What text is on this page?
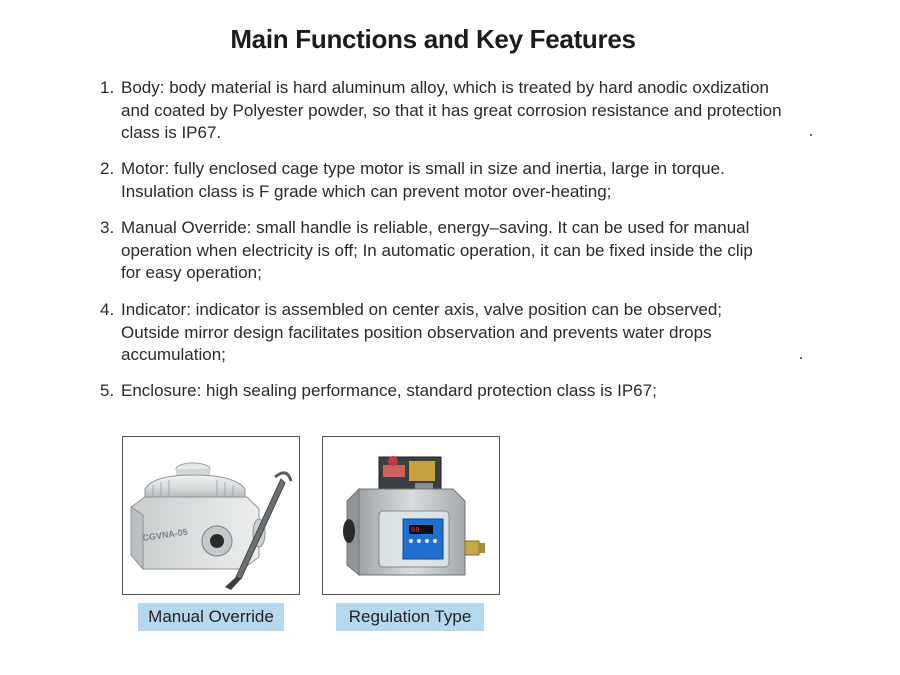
Main Functions and Key Features
1. Body: body material is hard aluminum alloy, which is treated by hard anodic oxdization
and coated by Polyester powder, so that it has great corrosion resistance and protection
class is IP67.
2. Motor: fully enclosed cage type motor is small in size and inertia, large in torque.
Insulation class is F grade which can prevent motor over-heating;
3. Manual Override: small handle is reliable, energy–saving. It can be used for manual
operation when electricity is off; In automatic operation, it can be fixed inside the clip
for easy operation;
4. Indicator: indicator is assembled on center axis, valve position can be observed;
Outside mirror design facilitates position observation and prevents water drops
accumulation;
5. Enclosure: high sealing performance, standard protection class is IP67;
CGVNA-05	88
Manual Override	Regulation Type
